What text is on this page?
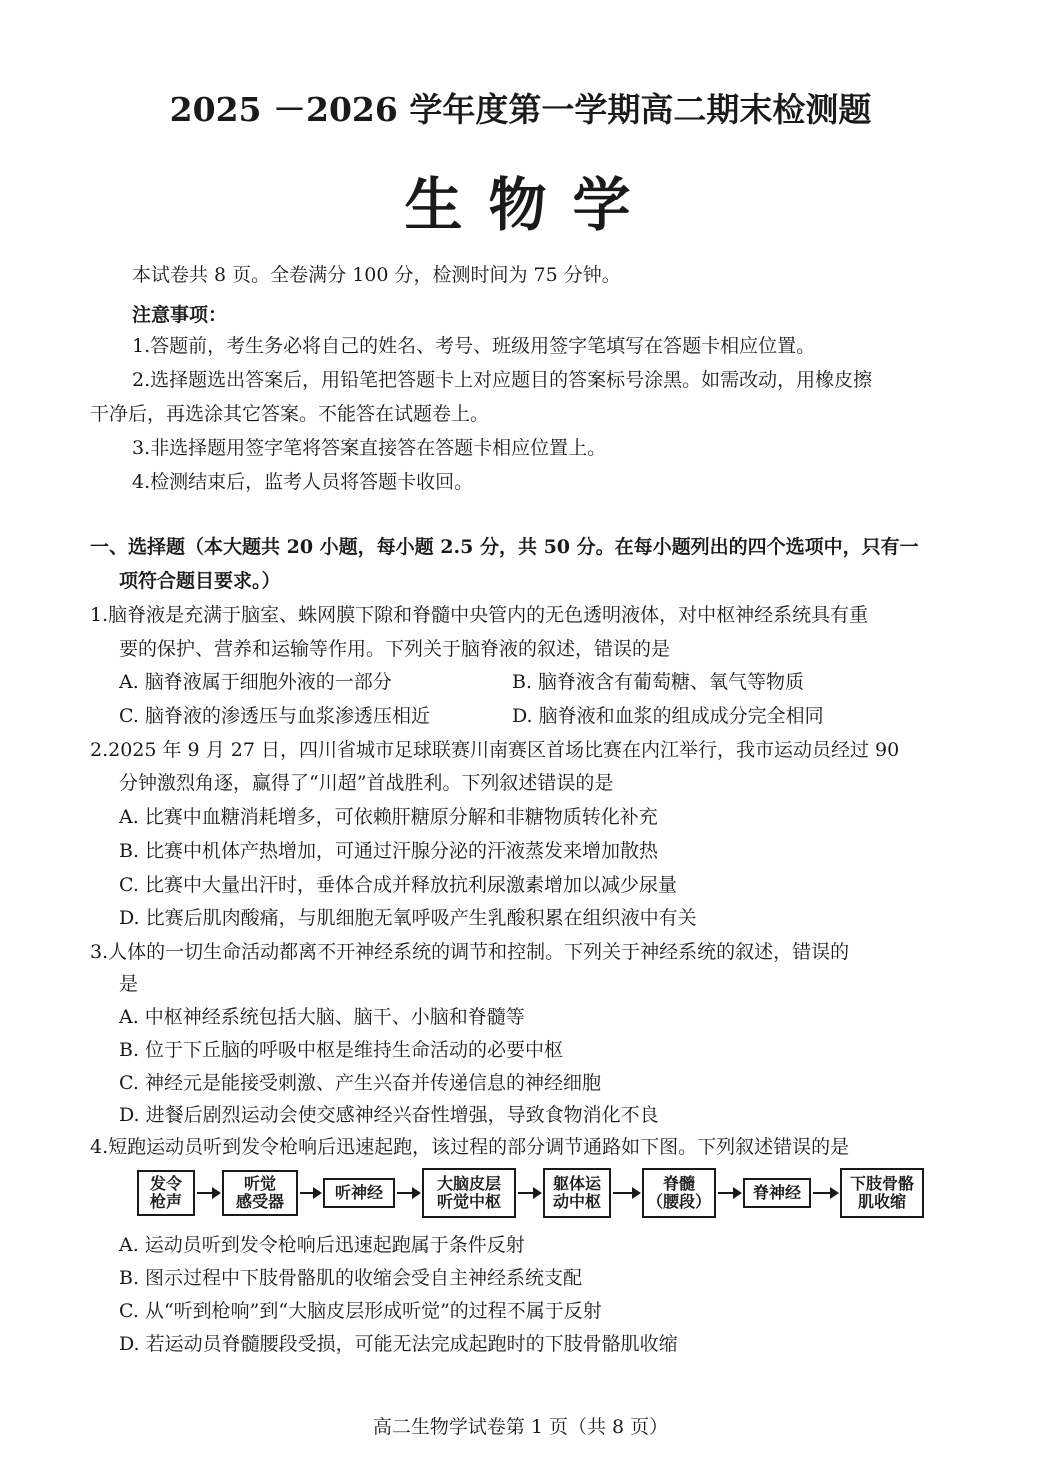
2025 －2026 学年度第一学期高二期末检测题
生物学
本试卷共 8 页。全卷满分 100 分，检测时间为 75 分钟。
注意事项：
1.答题前，考生务必将自己的姓名、考号、班级用签字笔填写在答题卡相应位置。
2.选择题选出答案后，用铅笔把答题卡上对应题目的答案标号涂黑。如需改动，用橡皮擦
干净后，再选涂其它答案。不能答在试题卷上。
3.非选择题用签字笔将答案直接答在答题卡相应位置上。
4.检测结束后，监考人员将答题卡收回。
一、选择题（本大题共 20 小题，每小题 2.5 分，共 50 分。在每小题列出的四个选项中，只有一
项符合题目要求。）
1.脑脊液是充满于脑室、蛛网膜下隙和脊髓中央管内的无色透明液体，对中枢神经系统具有重
要的保护、营养和运输等作用。下列关于脑脊液的叙述，错误的是
A. 脑脊液属于细胞外液的一部分	B. 脑脊液含有葡萄糖、氧气等物质
C. 脑脊液的渗透压与血浆渗透压相近	D. 脑脊液和血浆的组成成分完全相同
2.2025 年 9 月 27 日，四川省城市足球联赛川南赛区首场比赛在内江举行，我市运动员经过 90
分钟激烈角逐，赢得了“川超”首战胜利。下列叙述错误的是
A. 比赛中血糖消耗增多，可依赖肝糖原分解和非糖物质转化补充
B. 比赛中机体产热增加，可通过汗腺分泌的汗液蒸发来增加散热
C. 比赛中大量出汗时，垂体合成并释放抗利尿激素增加以减少尿量
D. 比赛后肌肉酸痛，与肌细胞无氧呼吸产生乳酸积累在组织液中有关
3.人体的一切生命活动都离不开神经系统的调节和控制。下列关于神经系统的叙述，错误的
是
A. 中枢神经系统包括大脑、脑干、小脑和脊髓等
B. 位于下丘脑的呼吸中枢是维持生命活动的必要中枢
C. 神经元是能接受刺激、产生兴奋并传递信息的神经细胞
D. 进餐后剧烈运动会使交感神经兴奋性增强，导致食物消化不良
4.短跑运动员听到发令枪响后迅速起跑，该过程的部分调节通路如下图。下列叙述错误的是
发令
枪声
听觉
感受器	听神经	大脑皮层
听觉中枢
躯体运
动中枢
脊髓
（腰段）	脊神经	下肢骨骼
肌收缩
A. 运动员听到发令枪响后迅速起跑属于条件反射
B. 图示过程中下肢骨骼肌的收缩会受自主神经系统支配
C. 从“听到枪响”到“大脑皮层形成听觉”的过程不属于反射
D. 若运动员脊髓腰段受损，可能无法完成起跑时的下肢骨骼肌收缩
高二生物学试卷第 1 页（共 8 页）
